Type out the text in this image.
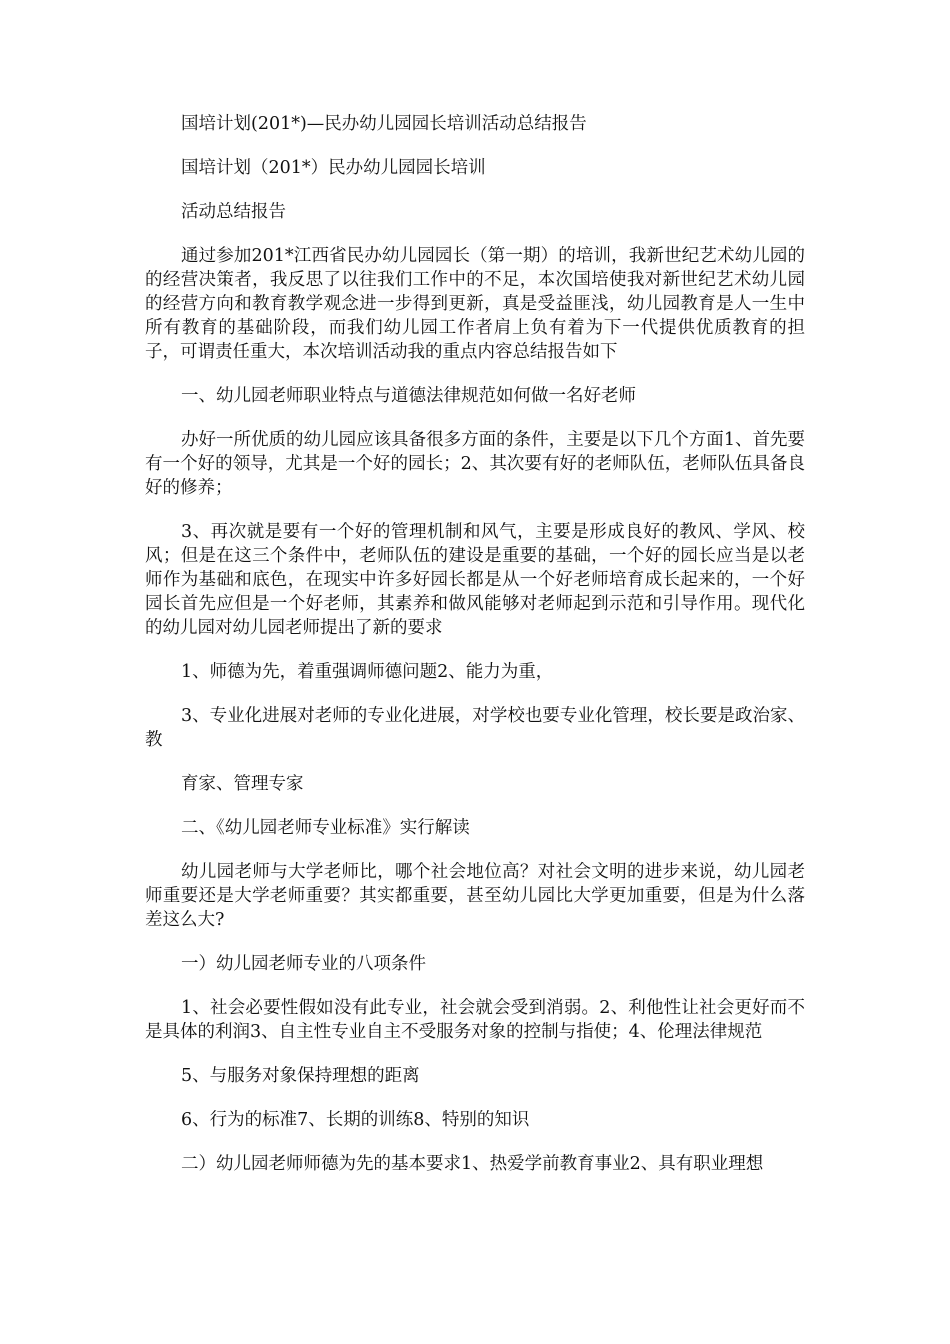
国培计划(201*)—民办幼儿园园长培训活动总结报告

国培计划（201*）民办幼儿园园长培训

活动总结报告

通过参加201*江西省民办幼儿园园长（第一期）的培训，我新世纪艺术幼儿园的的经营决策者，我反思了以往我们工作中的不足，本次国培使我对新世纪艺术幼儿园的经营方向和教育教学观念进一步得到更新，真是受益匪浅，幼儿园教育是人一生中所有教育的基础阶段，而我们幼儿园工作者肩上负有着为下一代提供优质教育的担子，可谓责任重大，本次培训活动我的重点内容总结报告如下

一、幼儿园老师职业特点与道德法律规范如何做一名好老师

办好一所优质的幼儿园应该具备很多方面的条件，主要是以下几个方面1、首先要有一个好的领导，尤其是一个好的园长；2、其次要有好的老师队伍，老师队伍具备良好的修养；

3、再次就是要有一个好的管理机制和风气，主要是形成良好的教风、学风、校风；但是在这三个条件中，老师队伍的建设是重要的基础，一个好的园长应当是以老师作为基础和底色，在现实中许多好园长都是从一个好老师培育成长起来的，一个好园长首先应但是一个好老师，其素养和做风能够对老师起到示范和引导作用。现代化的幼儿园对幼儿园老师提出了新的要求

1、师德为先，着重强调师德问题2、能力为重，

3、专业化进展对老师的专业化进展，对学校也要专业化管理，校长要是政治家、教

育家、管理专家

二、《幼儿园老师专业标准》实行解读

幼儿园老师与大学老师比，哪个社会地位高？对社会文明的进步来说，幼儿园老师重要还是大学老师重要？其实都重要，甚至幼儿园比大学更加重要，但是为什么落差这么大?

一）幼儿园老师专业的八项条件

1、社会必要性假如没有此专业，社会就会受到消弱。2、利他性让社会更好而不是具体的利润3、自主性专业自主不受服务对象的控制与指使；4、伦理法律规范

5、与服务对象保持理想的距离

6、行为的标准7、长期的训练8、特别的知识

二）幼儿园老师师德为先的基本要求1、热爱学前教育事业2、具有职业理想
